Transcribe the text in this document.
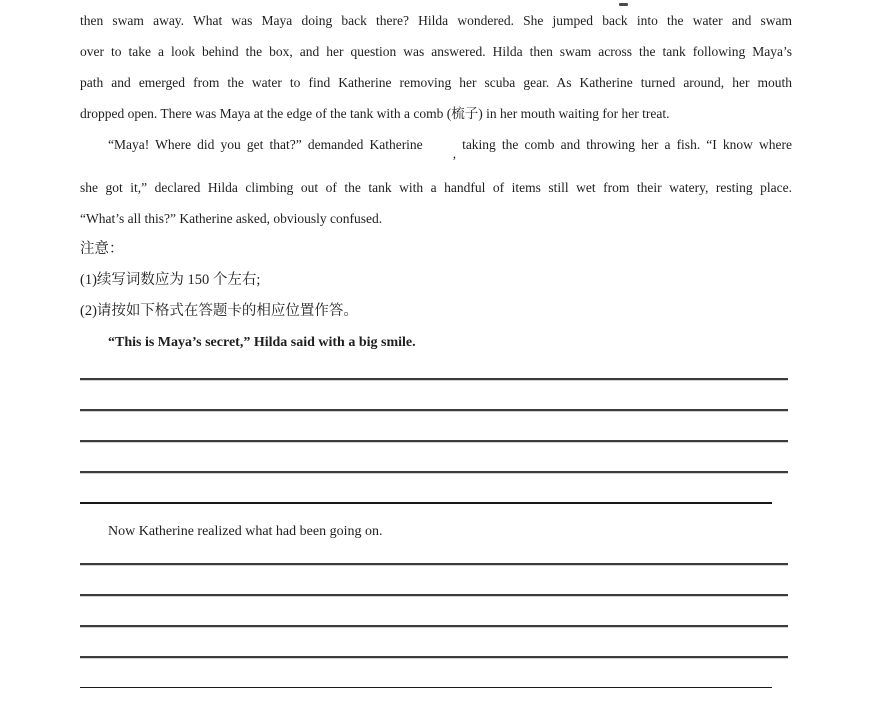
then swam away. What was Maya doing back there? Hilda wondered. She jumped back into the water and swam
over to take a look behind the box, and her question was answered. Hilda then swam across the tank following Maya’s
path and emerged from the water to find Katherine removing her scuba gear. As Katherine turned around, her mouth
dropped open. There was Maya at the edge of the tank with a comb (梳子) in her mouth waiting for her treat.
“Maya! Where did you get that?” demanded Katherine,taking the comb and throwing her a fish. “I know where
she got it,” declared Hilda climbing out of the tank with a handful of items still wet from their watery, resting place.
“What’s all this?” Katherine asked, obviously confused.
注意：
(1)续写词数应为 150 个左右;
(2)请按如下格式在答题卡的相应位置作答。
“This is Maya’s secret,” Hilda said with a big smile.
Now Katherine realized what had been going on.
